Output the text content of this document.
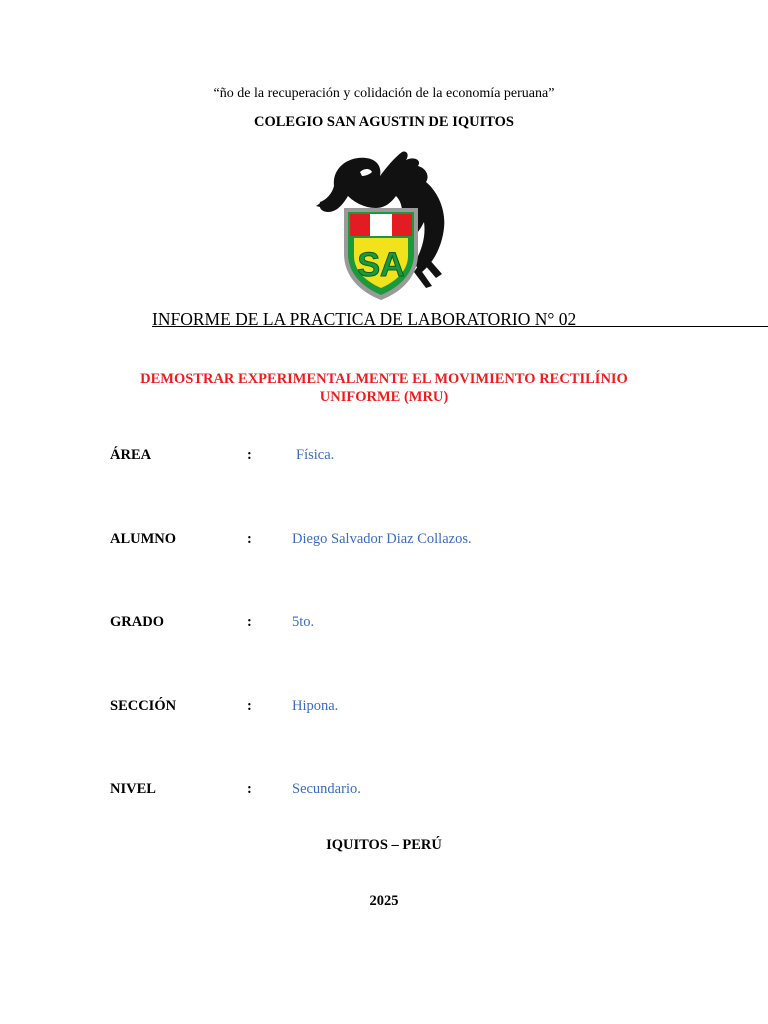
“ño de la recuperación y colidación de la economía peruana”
COLEGIO SAN AGUSTIN DE IQUITOS
SA
INFORME DE LA PRACTICA DE LABORATORIO N° 02
DEMOSTRAR EXPERIMENTALMENTE EL MOVIMIENTO RECTILÍNIO
UNIFORME (MRU)
ÁREA	:	Física.
ALUMNO	:	Diego Salvador Diaz Collazos.
GRADO	:	5to.
SECCIÓN	:	Hipona.
NIVEL	:	Secundario.
IQUITOS – PERÚ
2025
